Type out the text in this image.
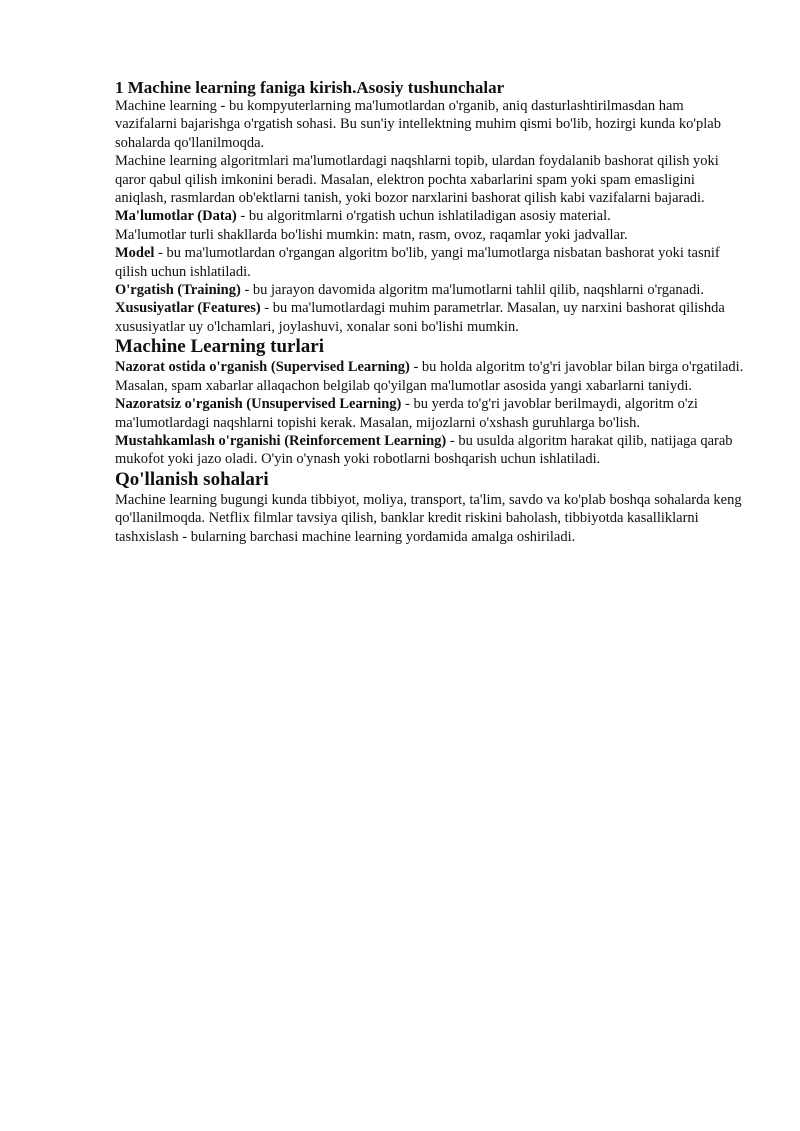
1 Machine learning faniga kirish.Asosiy tushunchalar

Machine learning - bu kompyuterlarning ma'lumotlardan o'rganib, aniq dasturlashtirilmasdan ham vazifalarni bajarishga o'rgatish sohasi. Bu sun'iy intellektning muhim qismi bo'lib, hozirgi kunda ko'plab sohalarda qo'llanilmoqda.

Machine learning algoritmlari ma'lumotlardagi naqshlarni topib, ulardan foydalanib bashorat qilish yoki qaror qabul qilish imkonini beradi. Masalan, elektron pochta xabarlarini spam yoki spam emasligini aniqlash, rasmlardan ob'ektlarni tanish, yoki bozor narxlarini bashorat qilish kabi vazifalarni bajaradi.

Ma'lumotlar (Data) - bu algoritmlarni o'rgatish uchun ishlatiladigan asosiy material.

Ma'lumotlar turli shakllarda bo'lishi mumkin: matn, rasm, ovoz, raqamlar yoki jadvallar.

Model - bu ma'lumotlardan o'rgangan algoritm bo'lib, yangi ma'lumotlarga nisbatan bashorat yoki tasnif qilish uchun ishlatiladi.

O'rgatish (Training) - bu jarayon davomida algoritm ma'lumotlarni tahlil qilib, naqshlarni o'rganadi.

Xususiyatlar (Features) - bu ma'lumotlardagi muhim parametrlar. Masalan, uy narxini bashorat qilishda xususiyatlar uy o'lchamlari, joylashuvi, xonalar soni bo'lishi mumkin.

Machine Learning turlari

Nazorat ostida o'rganish (Supervised Learning) - bu holda algoritm to'g'ri javoblar bilan birga o'rgatiladi. Masalan, spam xabarlar allaqachon belgilab qo'yilgan ma'lumotlar asosida yangi xabarlarni taniydi.

Nazoratsiz o'rganish (Unsupervised Learning) - bu yerda to'g'ri javoblar berilmaydi, algoritm o'zi ma'lumotlardagi naqshlarni topishi kerak. Masalan, mijozlarni o'xshash guruhlarga bo'lish.

Mustahkamlash o'rganishi (Reinforcement Learning) - bu usulda algoritm harakat qilib, natijaga qarab mukofot yoki jazo oladi. O'yin o'ynash yoki robotlarni boshqarish uchun ishlatiladi.

Qo'llanish sohalari

Machine learning bugungi kunda tibbiyot, moliya, transport, ta'lim, savdo va ko'plab boshqa sohalarda keng qo'llanilmoqda. Netflix filmlar tavsiya qilish, banklar kredit riskini baholash, tibbiyotda kasalliklarni tashxislash - bularning barchasi machine learning yordamida amalga oshiriladi.
